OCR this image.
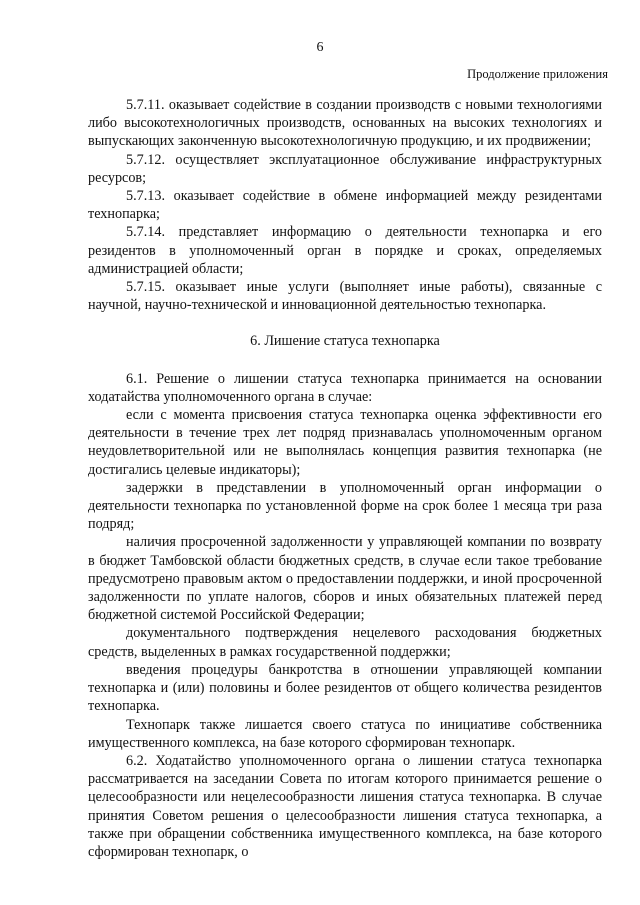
6
Продолжение приложения

5.7.11. оказывает содействие в создании производств с новыми технологиями либо высокотехнологичных производств, основанных на высоких технологиях и выпускающих законченную высокотехнологичную продукцию, и их продвижении;

5.7.12. осуществляет эксплуатационное обслуживание инфраструктурных ресурсов;

5.7.13. оказывает содействие в обмене информацией между резидентами технопарка;

5.7.14. представляет информацию о деятельности технопарка и его резидентов в уполномоченный орган в порядке и сроках, определяемых администрацией области;

5.7.15. оказывает иные услуги (выполняет иные работы), связанные с научной, научно-технической и инновационной деятельностью технопарка.

6. Лишение статуса технопарка

6.1. Решение о лишении статуса технопарка принимается на основании ходатайства уполномоченного органа в случае:

если с момента присвоения статуса технопарка оценка эффективности его деятельности в течение трех лет подряд признавалась уполномоченным органом неудовлетворительной или не выполнялась концепция развития технопарка (не достигались целевые индикаторы);

задержки в представлении в уполномоченный орган информации о деятельности технопарка по установленной форме на срок более 1 месяца три раза подряд;

наличия просроченной задолженности у управляющей компании по возврату в бюджет Тамбовской области бюджетных средств, в случае если такое требование предусмотрено правовым актом о предоставлении поддержки, и иной просроченной задолженности по уплате налогов, сборов и иных обязательных платежей перед бюджетной системой Российской Федерации;

документального подтверждения нецелевого расходования бюджетных средств, выделенных в рамках государственной поддержки;

введения процедуры банкротства в отношении управляющей компании технопарка и (или) половины и более резидентов от общего количества резидентов технопарка.

Технопарк также лишается своего статуса по инициативе собственника имущественного комплекса, на базе которого сформирован технопарк.

6.2. Ходатайство уполномоченного органа о лишении статуса технопарка рассматривается на заседании Совета по итогам которого принимается решение о целесообразности или нецелесообразности лишения статуса технопарка. В случае принятия Советом решения о целесообразности лишения статуса технопарка, а также при обращении собственника имущественного комплекса, на базе которого сформирован технопарк, о
